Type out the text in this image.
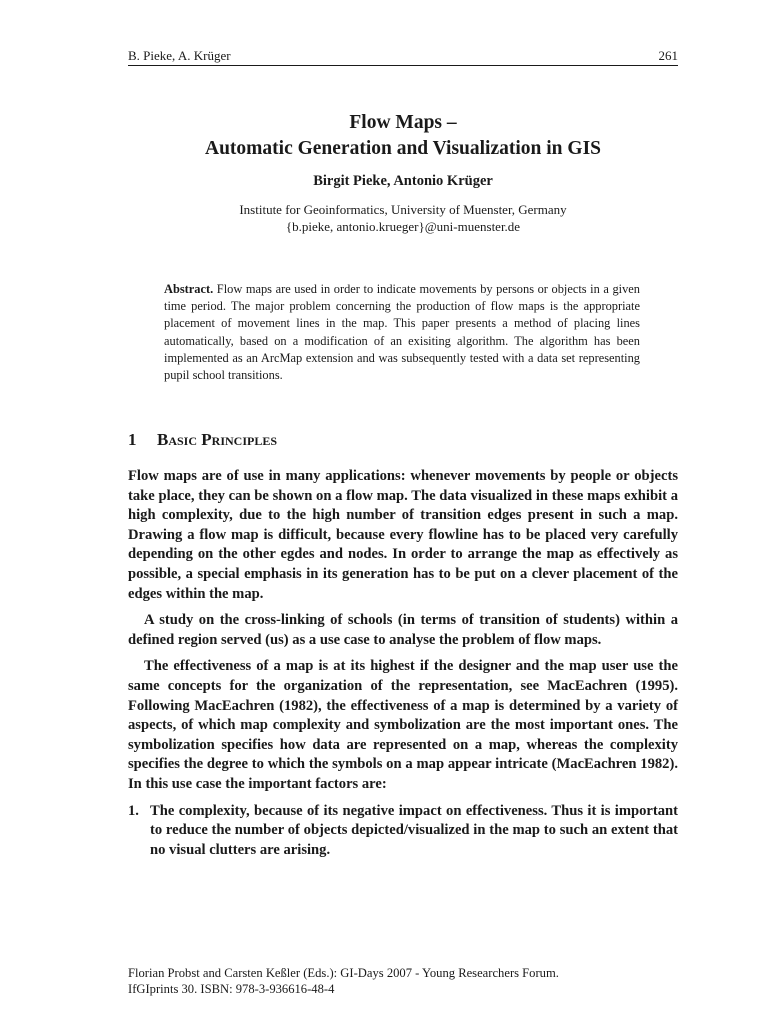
B. Pieke, A. Krüger	261
Flow Maps –
Automatic Generation and Visualization in GIS
Birgit Pieke, Antonio Krüger
Institute for Geoinformatics, University of Muenster, Germany
{b.pieke, antonio.krueger}@uni-muenster.de

Abstract. Flow maps are used in order to indicate movements by persons or objects in a given time period. The major problem concerning the production of flow maps is the appropriate placement of movement lines in the map. This paper presents a method of placing lines automatically, based on a modification of an exisiting algorithm. The algorithm has been implemented as an ArcMap extension and was subsequently tested with a data set representing pupil school transitions.

1 Basic Principles

Flow maps are of use in many applications: whenever movements by people or objects take place, they can be shown on a flow map. The data visualized in these maps exhibit a high complexity, due to the high number of transition edges present in such a map. Drawing a flow map is difficult, because every flowline has to be placed very carefully depending on the other egdes and nodes. In order to arrange the map as effectively as possible, a special emphasis in its generation has to be put on a clever placement of the edges within the map.

A study on the cross-linking of schools (in terms of transition of students) within a defined region served (us) as a use case to analyse the problem of flow maps.

The effectiveness of a map is at its highest if the designer and the map user use the same concepts for the organization of the representation, see MacEachren (1995). Following MacEachren (1982), the effectiveness of a map is determined by a variety of aspects, of which map complexity and symbolization are the most important ones. The symbolization specifies how data are represented on a map, whereas the complexity specifies the degree to which the symbols on a map appear intricate (MacEachren 1982). In this use case the important factors are:

1. The complexity, because of its negative impact on effectiveness. Thus it is important to reduce the number of objects depicted/visualized in the map to such an extent that no visual clutters are arising.
Florian Probst and Carsten Keßler (Eds.): GI-Days 2007 - Young Researchers Forum.
IfGIprints 30. ISBN: 978-3-936616-48-4
